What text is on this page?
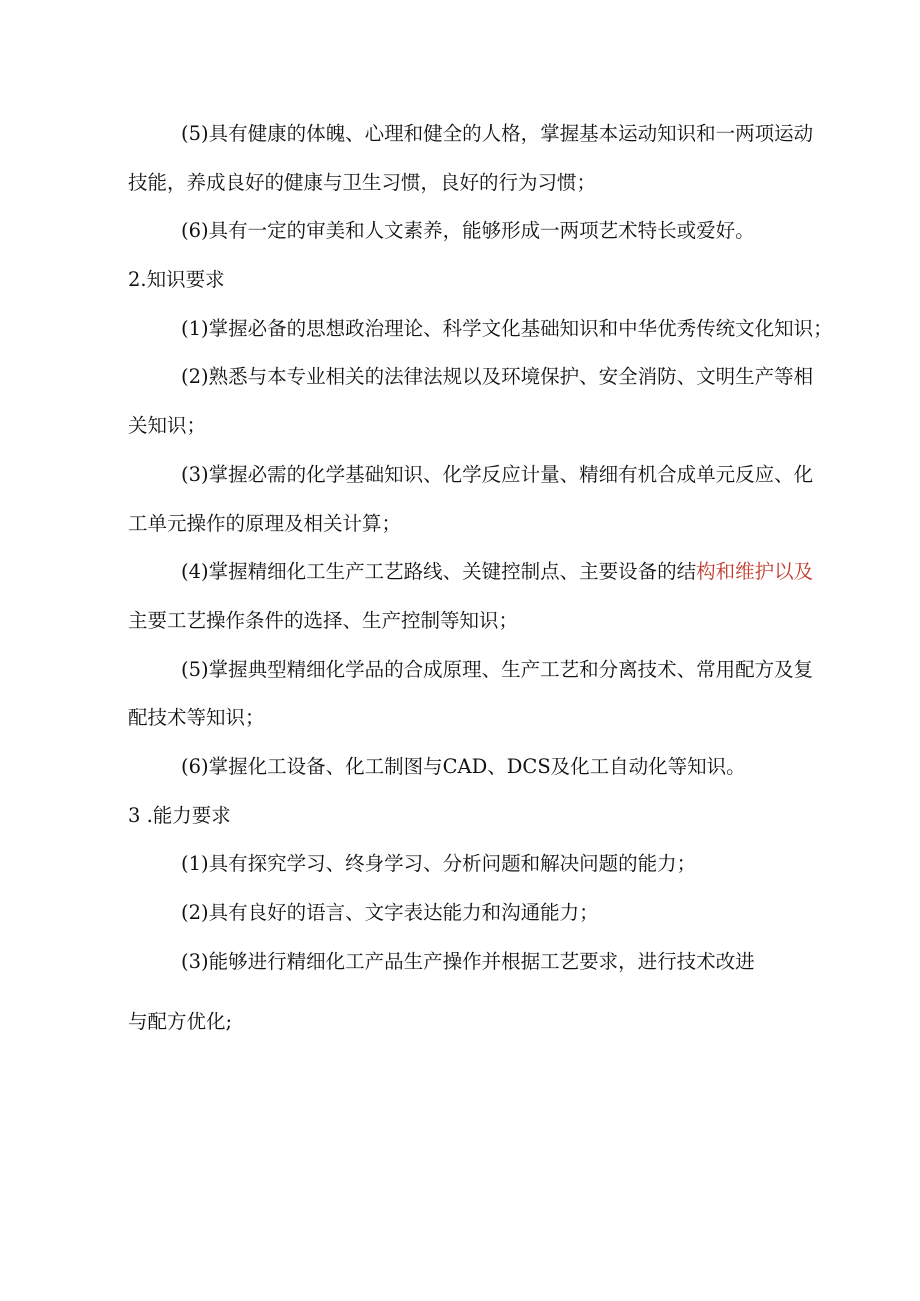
(5)具有健康的体魄、心理和健全的人格，掌握基本运动知识和一两项运动
技能，养成良好的健康与卫生习惯，良好的行为习惯；
(6)具有一定的审美和人文素养，能够形成一两项艺术特长或爱好。
2.知识要求
(1)掌握必备的思想政治理论、科学文化基础知识和中华优秀传统文化知识；
(2)熟悉与本专业相关的法律法规以及环境保护、安全消防、文明生产等相
关知识；
(3)掌握必需的化学基础知识、化学反应计量、精细有机合成单元反应、化
工单元操作的原理及相关计算；
(4)掌握精细化工生产工艺路线、关键控制点、主要设备的结构和维护以及
主要工艺操作条件的选择、生产控制等知识；
(5)掌握典型精细化学品的合成原理、生产工艺和分离技术、常用配方及复
配技术等知识；
(6)掌握化工设备、化工制图与CAD、DCS及化工自动化等知识。
3 .能力要求
(1)具有探究学习、终身学习、分析问题和解决问题的能力；
(2)具有良好的语言、文字表达能力和沟通能力；
(3)能够进行精细化工产品生产操作并根据工艺要求，进行技术改进
与配方优化;
